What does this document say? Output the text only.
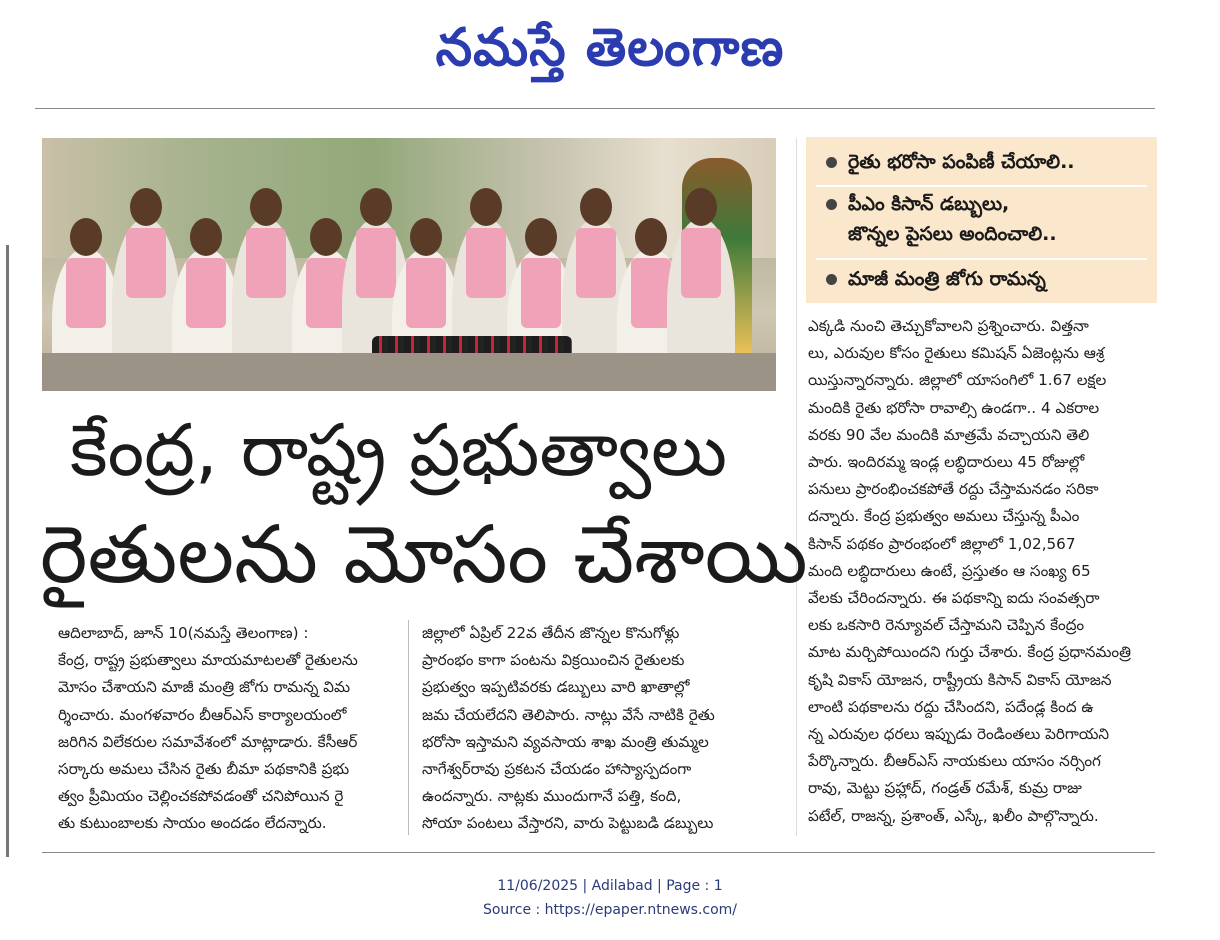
నమస్తే తెలంగాణ
రైతు భరోసా పంపిణీ చేయాలి..
పీఎం కిసాన్ డబ్బులు,
జొన్నల పైసలు అందించాలి..
మాజీ మంత్రి జోగు రామన్న
కేంద్ర, రాష్ట్ర ప్రభుత్వాలు
రైతులను మోసం చేశాయి
ఆదిలాబాద్, జూన్ 10(నమస్తే తెలంగాణ) :
కేంద్ర, రాష్ట్ర ప్రభుత్వాలు మాయమాటలతో రైతులను
మోసం చేశాయని మాజీ మంత్రి జోగు రామన్న విమ
ర్శించారు. మంగళవారం బీఆర్ఎస్ కార్యాలయంలో
జరిగిన విలేకరుల సమావేశంలో మాట్లాడారు. కేసీఆర్
సర్కారు అమలు చేసిన రైతు బీమా పథకానికి ప్రభు
త్వం ప్రీమియం చెల్లించకపోవడంతో చనిపోయిన రై
తు కుటుంబాలకు సాయం అందడం లేదన్నారు.
జిల్లాలో ఏప్రిల్ 22వ తేదీన జొన్నల కొనుగోళ్లు
ప్రారంభం కాగా పంటను విక్రయించిన రైతులకు
ప్రభుత్వం ఇప్పటివరకు డబ్బులు వారి ఖాతాల్లో
జమ చేయలేదని తెలిపారు. నాట్లు వేసే నాటికి రైతు
భరోసా ఇస్తామని వ్యవసాయ శాఖ మంత్రి తుమ్మల
నాగేశ్వర్‌రావు ప్రకటన చేయడం హాస్యాస్పదంగా
ఉందన్నారు. నాట్లకు ముందుగానే పత్తి, కంది,
సోయా పంటలు వేస్తారని, వారు పెట్టుబడి డబ్బులు
ఎక్కడి నుంచి తెచ్చుకోవాలని ప్రశ్నించారు. విత్తనా
లు, ఎరువుల కోసం రైతులు కమిషన్ ఏజెంట్లను ఆశ్ర
యిస్తున్నారన్నారు. జిల్లాలో యాసంగిలో 1.67 లక్షల
మందికి రైతు భరోసా రావాల్సి ఉండగా.. 4 ఎకరాల
వరకు 90 వేల మందికి మాత్రమే వచ్చాయని తెలి
పారు. ఇందిరమ్మ ఇండ్ల లబ్ధిదారులు 45 రోజుల్లో
పనులు ప్రారంభించకపోతే రద్దు చేస్తామనడం సరికా
దన్నారు. కేంద్ర ప్రభుత్వం అమలు చేస్తున్న పీఎం
కిసాన్ పథకం ప్రారంభంలో జిల్లాలో 1,02,567
మంది లబ్ధిదారులు ఉంటే, ప్రస్తుతం ఆ సంఖ్య 65
వేలకు చేరిందన్నారు. ఈ పథకాన్ని ఐదు సంవత్సరా
లకు ఒకసారి రెన్యూవల్ చేస్తామని చెప్పిన కేంద్రం
మాట మర్చిపోయిందని గుర్తు చేశారు. కేంద్ర ప్రధానమంత్రి
కృషి వికాస్ యోజన, రాష్ట్రీయ కిసాన్ వికాస్ యోజన
లాంటి పథకాలను రద్దు చేసిందని, పదేండ్ల కింద ఉ
న్న ఎరువుల ధరలు ఇప్పుడు రెండింతలు పెరిగాయని
పేర్కొన్నారు. బీఆర్ఎస్ నాయకులు యాసం నర్సింగ
రావు, మెట్టు ప్రహ్లాద్, గండ్రత్ రమేశ్, కుమ్ర రాజు
పటేల్, రాజన్న, ప్రశాంత్, ఎస్కే, ఖలీం పాల్గొన్నారు.
11/06/2025 | Adilabad | Page : 1
Source : https://epaper.ntnews.com/
